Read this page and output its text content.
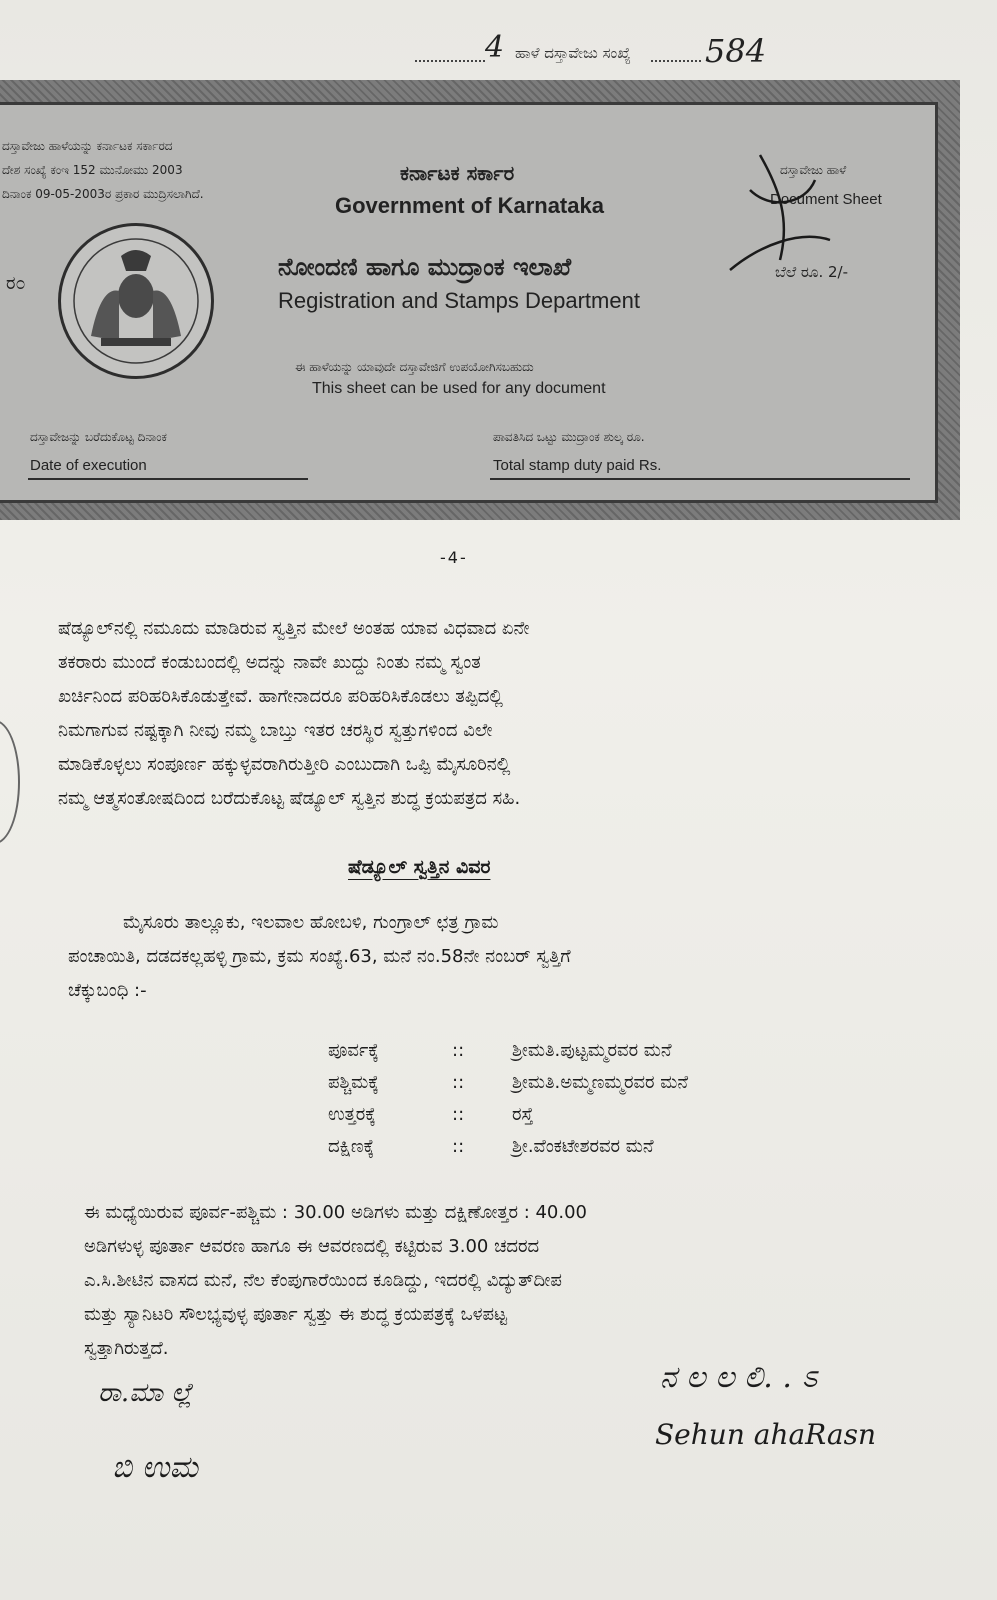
4 ಹಾಳೆ ದಸ್ತಾವೇಜು ಸಂಖ್ಯೆ 584
ದಸ್ತಾವೇಜು ಹಾಳೆಯನ್ನು ಕರ್ನಾಟಕ ಸರ್ಕಾರದ
ದೇಶ ಸಂಖ್ಯೆ ಕಂಇ 152 ಮುನೋಮು 2003
ದಿನಾಂಕ 09-05-2003ರ ಪ್ರಕಾರ ಮುದ್ರಿಸಲಾಗಿದೆ.
ಕರ್ನಾಟಕ ಸರ್ಕಾರ
Government of Karnataka
ನೋಂದಣಿ ಹಾಗೂ ಮುದ್ರಾಂಕ ಇಲಾಖೆ
Registration and Stamps Department
ದಸ್ತಾವೇಜು ಹಾಳೆ
Document Sheet
ಬೆಲೆ ರೂ. 2/-
ರ೦
ಈ ಹಾಳೆಯನ್ನು ಯಾವುದೇ ದಸ್ತಾವೇಜಿಗೆ ಉಪಯೋಗಿಸಬಹುದು
This sheet can be used for any document
ದಸ್ತಾವೇಜನ್ನು ಬರೆದುಕೊಟ್ಟ ದಿನಾಂಕ
Date of execution
ಪಾವತಿಸಿದ ಒಟ್ಟು ಮುದ್ರಾಂಕ ಶುಲ್ಕ ರೂ.
Total stamp duty paid Rs.
-4-
ಷೆಡ್ಯೂಲ್‌ನಲ್ಲಿ ನಮೂದು ಮಾಡಿರುವ ಸ್ವತ್ತಿನ ಮೇಲೆ ಅಂತಹ ಯಾವ ವಿಧವಾದ ಏನೇ
ತಕರಾರು ಮುಂದೆ ಕಂಡುಬಂದಲ್ಲಿ ಅದನ್ನು ನಾವೇ ಖುದ್ದು ನಿಂತು ನಮ್ಮ ಸ್ವಂತ
ಖರ್ಚಿನಿಂದ ಪರಿಹರಿಸಿಕೊಡುತ್ತೇವೆ. ಹಾಗೇನಾದರೂ ಪರಿಹರಿಸಿಕೊಡಲು ತಪ್ಪಿದಲ್ಲಿ
ನಿಮಗಾಗುವ ನಷ್ಟಕ್ಕಾಗಿ ನೀವು ನಮ್ಮ ಬಾಬ್ತು ಇತರ ಚರಸ್ಥಿರ ಸ್ವತ್ತುಗಳಿಂದ ವಿಲೇ
ಮಾಡಿಕೊಳ್ಳಲು ಸಂಪೂರ್ಣ ಹಕ್ಕುಳ್ಳವರಾಗಿರುತ್ತೀರಿ ಎಂಬುದಾಗಿ ಒಪ್ಪಿ ಮೈಸೂರಿನಲ್ಲಿ
ನಮ್ಮ ಆತ್ಮಸಂತೋಷದಿಂದ ಬರೆದುಕೊಟ್ಟ ಷೆಡ್ಯೂಲ್ ಸ್ವತ್ತಿನ ಶುದ್ಧ ಕ್ರಯಪತ್ರದ ಸಹಿ.
ಷೆಡ್ಯೂಲ್ ಸ್ವತ್ತಿನ ವಿವರ
ಮೈಸೂರು ತಾಲ್ಲೂಕು, ಇಲವಾಲ ಹೋಬಳಿ, ಗುಂಗ್ರಾಲ್ ಛತ್ರ ಗ್ರಾಮ
ಪಂಚಾಯಿತಿ, ದಡದಕಲ್ಲಹಳ್ಳಿ ಗ್ರಾಮ, ಕ್ರಮ ಸಂಖ್ಯೆ.63, ಮನೆ ನಂ.58ನೇ ನಂಬರ್ ಸ್ವತ್ತಿಗೆ
ಚೆಕ್ಕುಬಂಧಿ :-
ಪೂರ್ವಕ್ಕೆ	::	ಶ್ರೀಮತಿ.ಪುಟ್ಟಮ್ಮರವರ ಮನೆ
ಪಶ್ಚಿಮಕ್ಕೆ	::	ಶ್ರೀಮತಿ.ಅಮ್ಮಣಮ್ಮರವರ ಮನೆ
ಉತ್ತರಕ್ಕೆ	::	ರಸ್ತೆ
ದಕ್ಷಿಣಕ್ಕೆ	::	ಶ್ರೀ.ವೆಂಕಟೇಶರವರ ಮನೆ
ಈ ಮಧ್ಯೆಯಿರುವ ಪೂರ್ವ-ಪಶ್ಚಿಮ : 30.00 ಅಡಿಗಳು ಮತ್ತು ದಕ್ಷಿಣೋತ್ತರ : 40.00
ಅಡಿಗಳುಳ್ಳ ಪೂರ್ತಾ ಆವರಣ ಹಾಗೂ ಈ ಆವರಣದಲ್ಲಿ ಕಟ್ಟಿರುವ 3.00 ಚದರದ
ಎ.ಸಿ.ಶೀಟಿನ ವಾಸದ ಮನೆ, ನೆಲ ಕೆಂಪುಗಾರೆಯಿಂದ ಕೂಡಿದ್ದು, ಇದರಲ್ಲಿ ವಿದ್ಯುತ್‌ದೀಪ
ಮತ್ತು ಸ್ಯಾನಿಟರಿ ಸೌಲಭ್ಯವುಳ್ಳ ಪೂರ್ತಾ ಸ್ವತ್ತು ಈ ಶುದ್ಧ ಕ್ರಯಪತ್ರಕ್ಕೆ ಒಳಪಟ್ಟ
ಸ್ವತ್ತಾಗಿರುತ್ತದೆ.
ನ ಲ ಲ ಲಿ. . ಽ
Sehun ahaRasn
ರಾ.ಮಾ ಲ್ಲೆ
ಬಿ ಉಮ
